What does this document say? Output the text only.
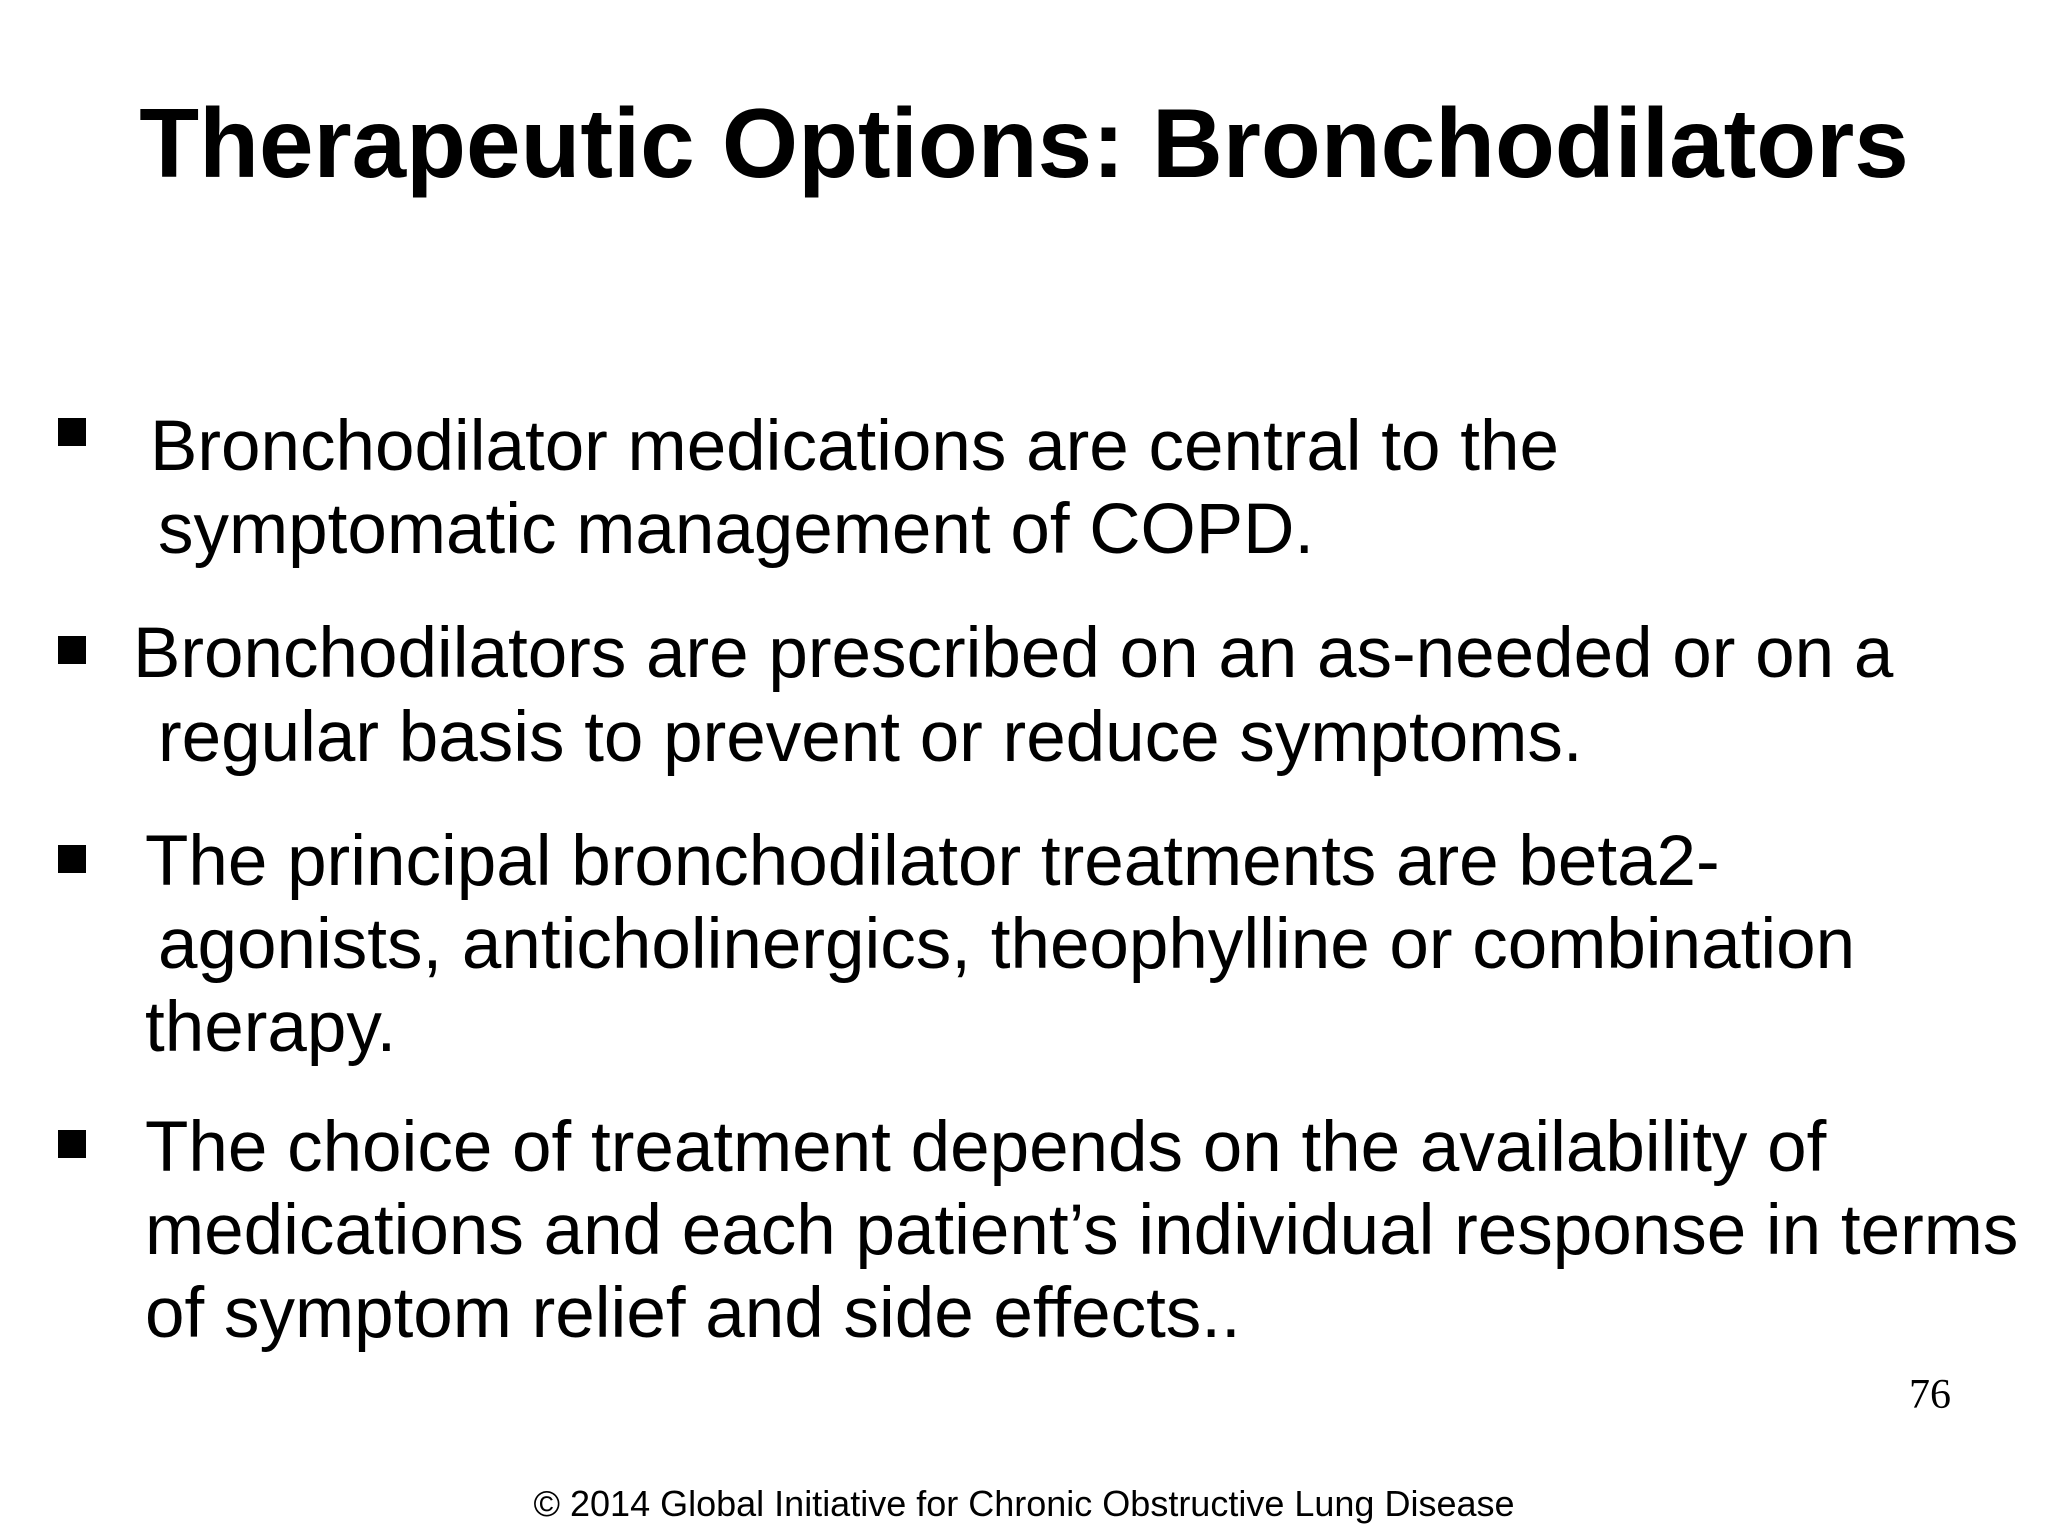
Therapeutic Options: Bronchodilators
Bronchodilator medications are central to the
symptomatic management of COPD.
Bronchodilators are prescribed on an as-needed or on a
regular basis to prevent or reduce symptoms.
The principal bronchodilator treatments are beta2-
agonists, anticholinergics, theophylline or combination
therapy.
The choice of treatment depends on the availability of
medications and each patient’s individual response in terms
of symptom relief and side effects..
76
© 2014 Global Initiative for Chronic Obstructive Lung Disease
